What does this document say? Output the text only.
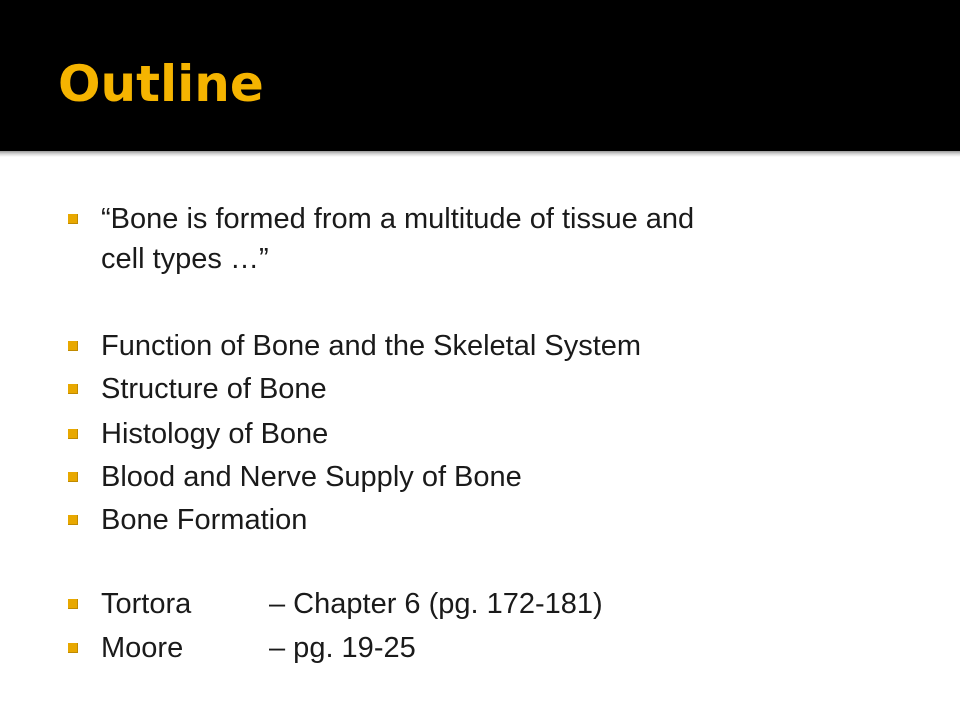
Outline
“Bone is formed from a multitude of tissue and
cell types …”
Function of Bone and the Skeletal System
Structure of Bone
Histology of Bone
Blood and Nerve Supply of Bone
Bone Formation
Tortora	– Chapter 6 (pg. 172-181)
Moore	– pg. 19-25
